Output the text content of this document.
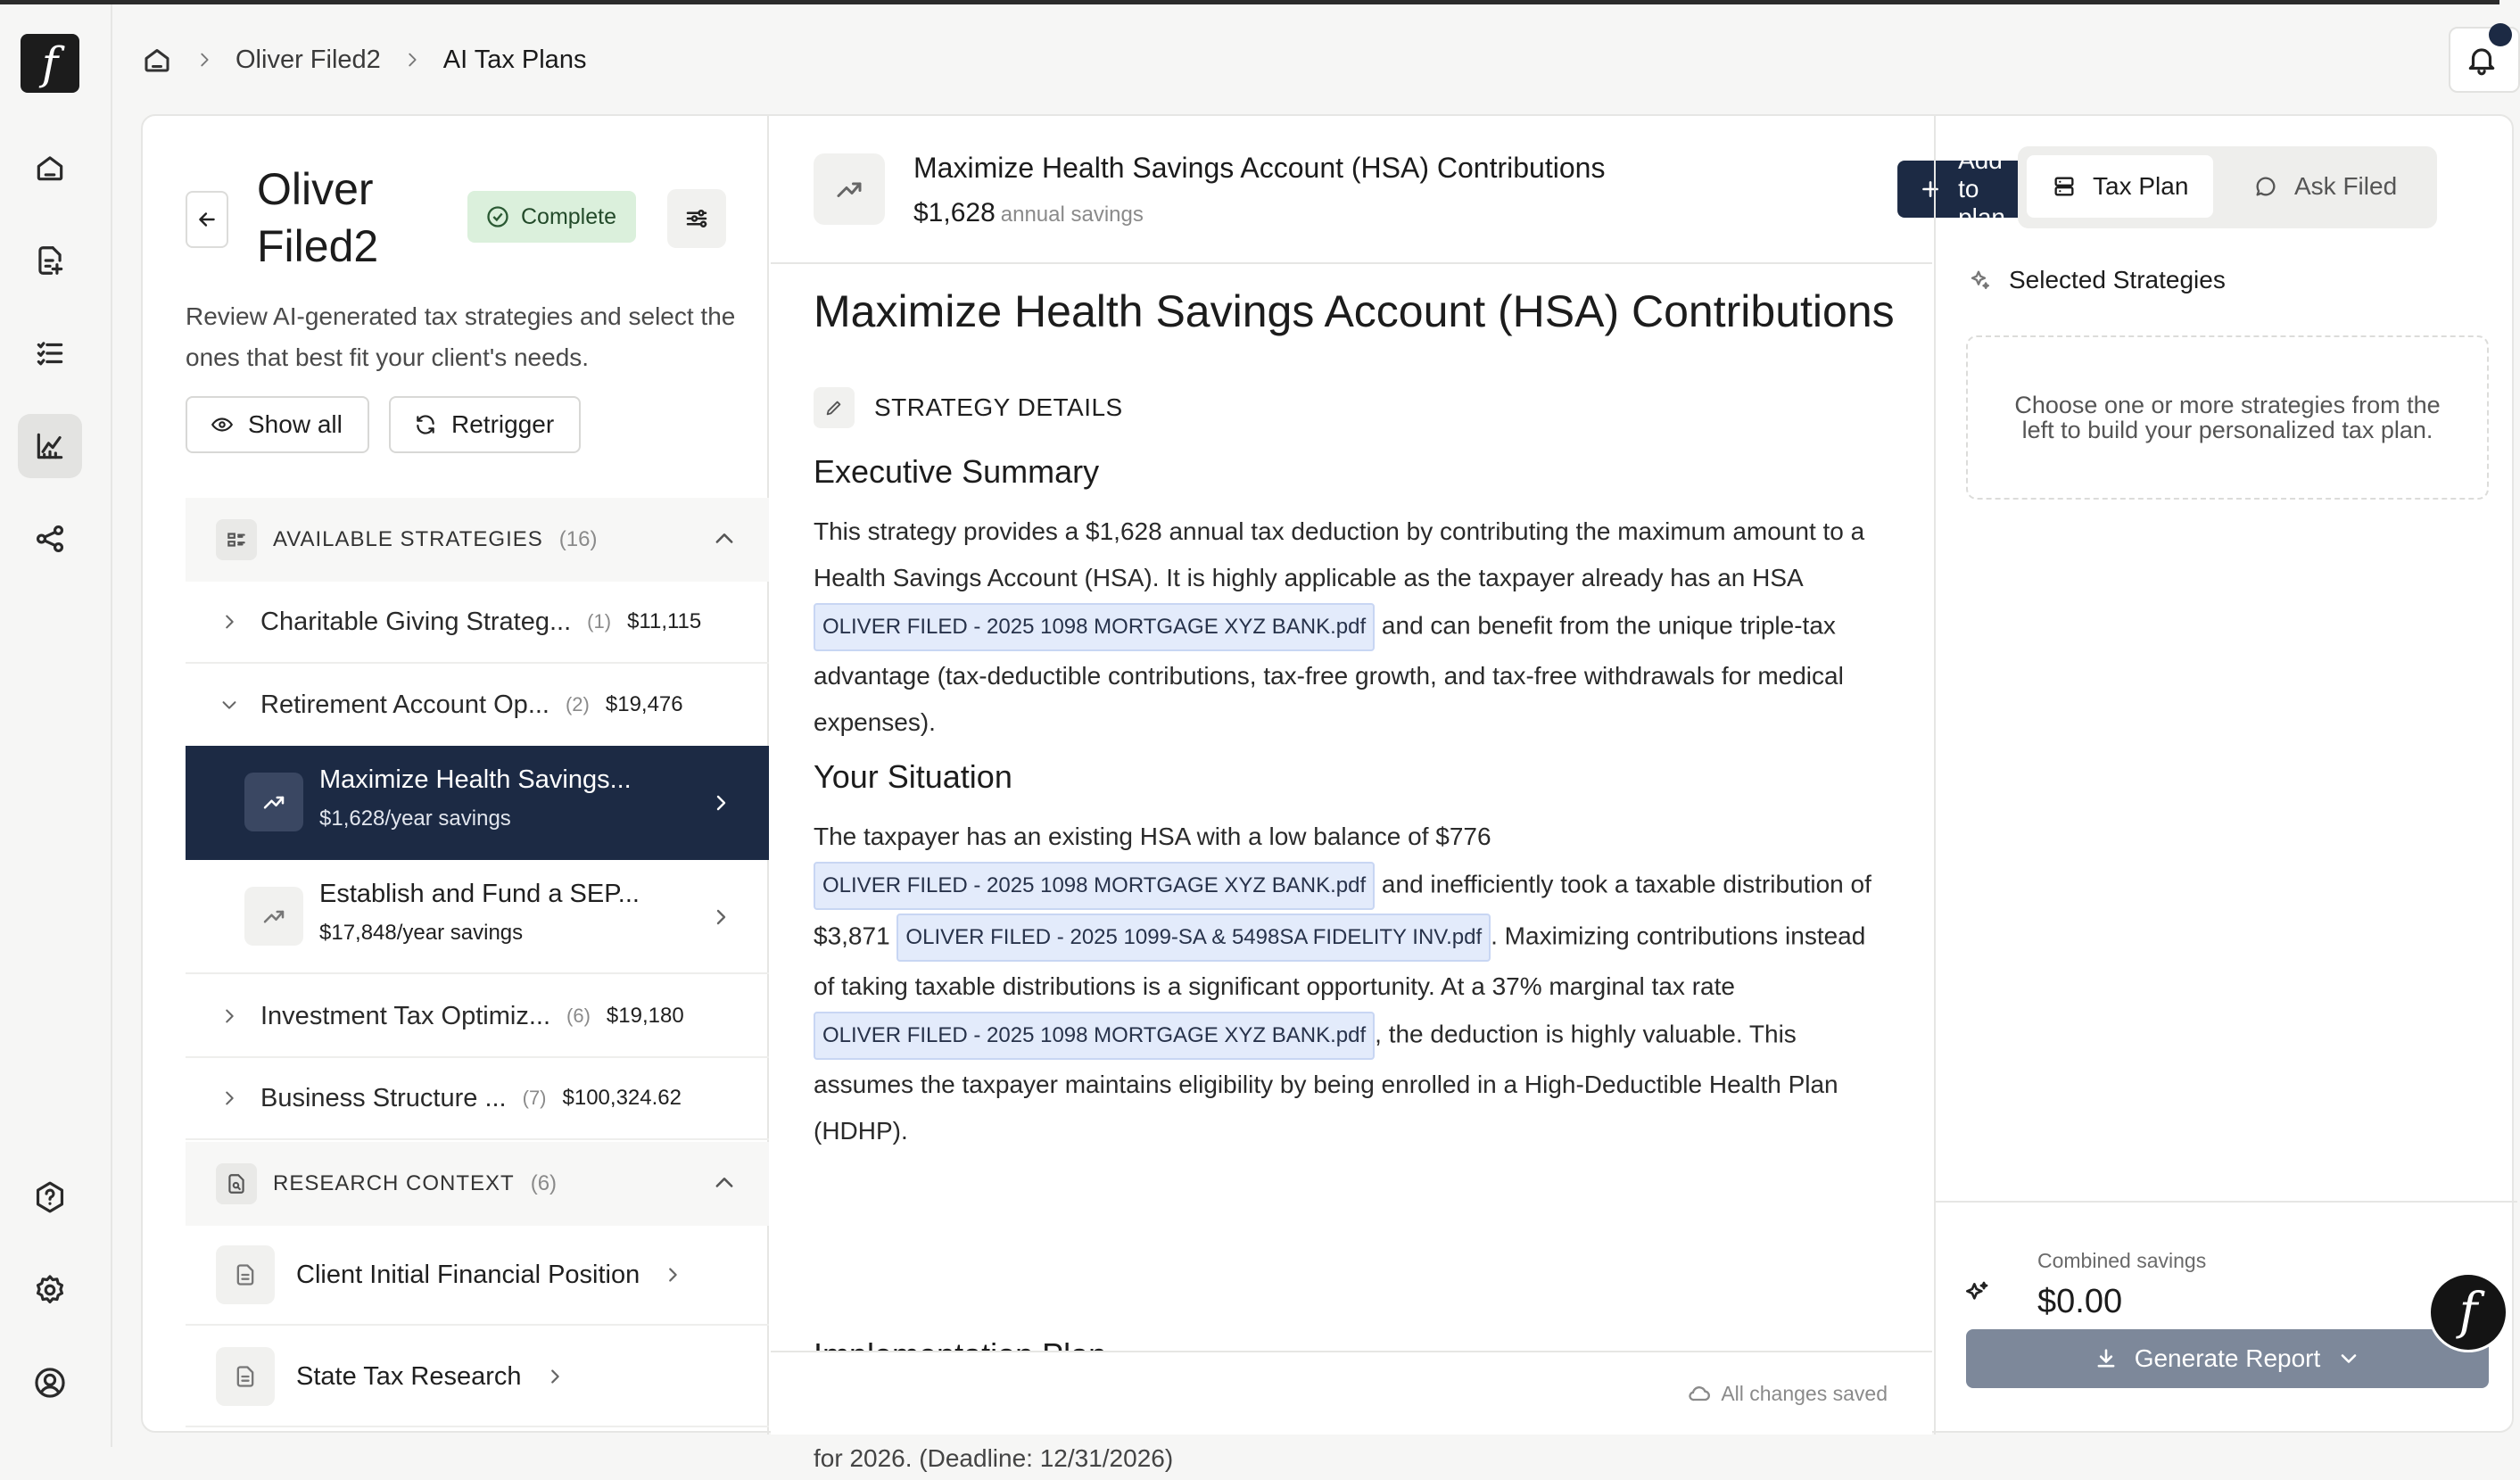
f	Oliver Filed2 AI Tax Plans
Oliver Filed2
Complete
Review AI-generated tax strategies and select the ones that best fit your client's needs.
Show all	Retrigger
AVAILABLE STRATEGIES (16)
Charitable Giving Strateg... (1) $11,115
Retirement Account Op... (2) $19,476
Maximize Health Savings...
$1,628/year savings
Establish and Fund a SEP...
$17,848/year savings
Investment Tax Optimiz... (6) $19,180
Business Structure ... (7) $100,324.62
RESEARCH CONTEXT (6)
Client Initial Financial Position
State Tax Research
Maximize Health Savings Account (HSA) Contributions
$1,628 annual savings
Add to plan
Maximize Health Savings Account (HSA) Contributions
STRATEGY DETAILS
Executive Summary
This strategy provides a $1,628 annual tax deduction by contributing the maximum amount to a Health Savings Account (HSA). It is highly applicable as the taxpayer already has an HSA OLIVER FILED - 2025 1098 MORTGAGE XYZ BANK.pdf and can benefit from the unique triple-tax advantage (tax-deductible contributions, tax-free growth, and tax-free withdrawals for medical expenses).
Your Situation
The taxpayer has an existing HSA with a low balance of $776 OLIVER FILED - 2025 1098 MORTGAGE XYZ BANK.pdf and inefficiently took a taxable distribution of $3,871 OLIVER FILED - 2025 1099-SA & 5498SA FIDELITY INV.pdf . Maximizing contributions instead of taking taxable distributions is a significant opportunity. At a 37% marginal tax rate OLIVER FILED - 2025 1098 MORTGAGE XYZ BANK.pdf , the deduction is highly valuable. This assumes the taxpayer maintains eligibility by being enrolled in a High-Deductible Health Plan (HDHP).
for 2026. (Deadline: 12/31/2026)
All changes saved
Tax Plan	Ask Filed
Selected Strategies
Choose one or more strategies from the left to build your personalized tax plan.
Combined savings
$0.00
Generate Report
f
